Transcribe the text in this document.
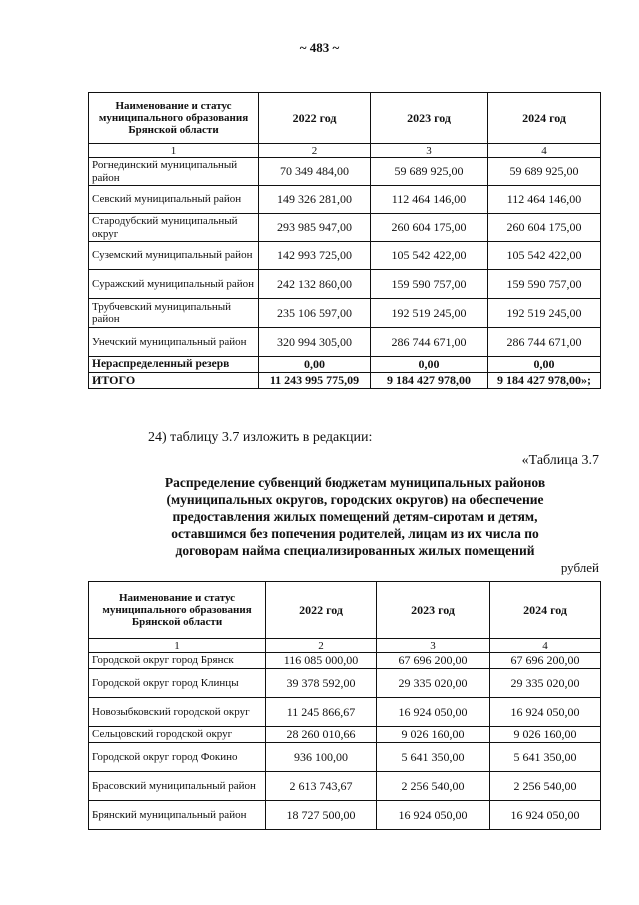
~ 483 ~
Наименование и статус муниципального образования Брянской области	2022 год	2023 год	2024 год
1	2	3	4
Рогнединский муниципальный район	70 349 484,00	59 689 925,00	59 689 925,00
Севский муниципальный район	149 326 281,00	112 464 146,00	112 464 146,00
Стародубский муниципальный округ	293 985 947,00	260 604 175,00	260 604 175,00
Суземский муниципальный район	142 993 725,00	105 542 422,00	105 542 422,00
Суражский муниципальный район	242 132 860,00	159 590 757,00	159 590 757,00
Трубчевский муниципальный район	235 106 597,00	192 519 245,00	192 519 245,00
Унечский муниципальный район	320 994 305,00	286 744 671,00	286 744 671,00
Нераспределенный резерв	0,00	0,00	0,00
ИТОГО	11 243 995 775,09	9 184 427 978,00	9 184 427 978,00»;
24) таблицу 3.7 изложить в редакции:
«Таблица 3.7
Распределение субвенций бюджетам муниципальных районов (муниципальных округов, городских округов) на обеспечение предоставления жилых помещений детям-сиротам и детям, оставшимся без попечения родителей, лицам из их числа по договорам найма специализированных жилых помещений
рублей
Наименование и статус муниципального образования Брянской области	2022 год	2023 год	2024 год
1	2	3	4
Городской округ город Брянск	116 085 000,00	67 696 200,00	67 696 200,00
Городской округ город Клинцы	39 378 592,00	29 335 020,00	29 335 020,00
Новозыбковский городской округ	11 245 866,67	16 924 050,00	16 924 050,00
Сельцовский городской округ	28 260 010,66	9 026 160,00	9 026 160,00
Городской округ город Фокино	936 100,00	5 641 350,00	5 641 350,00
Брасовский муниципальный район	2 613 743,67	2 256 540,00	2 256 540,00
Брянский муниципальный район	18 727 500,00	16 924 050,00	16 924 050,00
